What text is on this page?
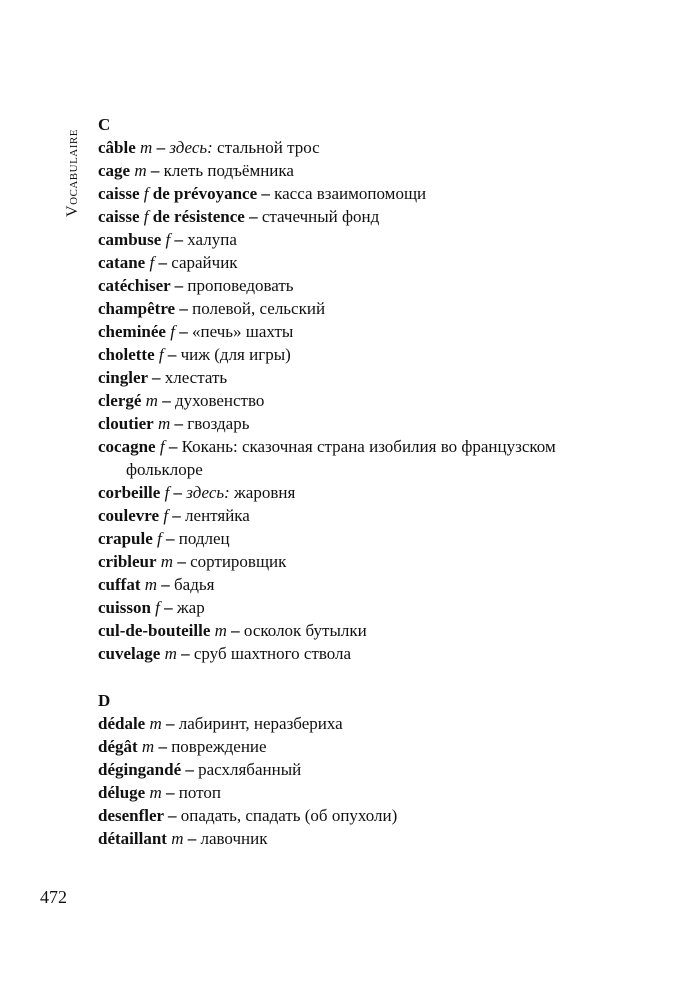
Vocabulaire
C

câble m – здесь: стальной трос

cage m – клеть подъёмника

caisse f de prévoyance – касса взаимопомощи

caisse f de résistence – стачечный фонд

cambuse f – халупа

catane f – сарайчик

catéchiser – проповедовать

champêtre – полевой, сельский

cheminée f – «печь» шахты

cholette f – чиж (для игры)

cingler – хлестать

clergé m – духовенство

cloutier m – гвоздарь

cocagne f – Кокань: сказочная страна изобилия во французском фольклоре

corbeille f – здесь: жаровня

coulevre f – лентяйка

crapule f – подлец

cribleur m – сортировщик

cuffat m – бадья

cuisson f – жар

cul-de-bouteille m – осколок бутылки

cuvelage m – сруб шахтного ствола

D

dédale m – лабиринт, неразбериха

dégât m – повреждение

dégingandé – расхлябанный

déluge m – потоп

desenfler – опадать, спадать (об опухоли)

détaillant m – лавочник

472
